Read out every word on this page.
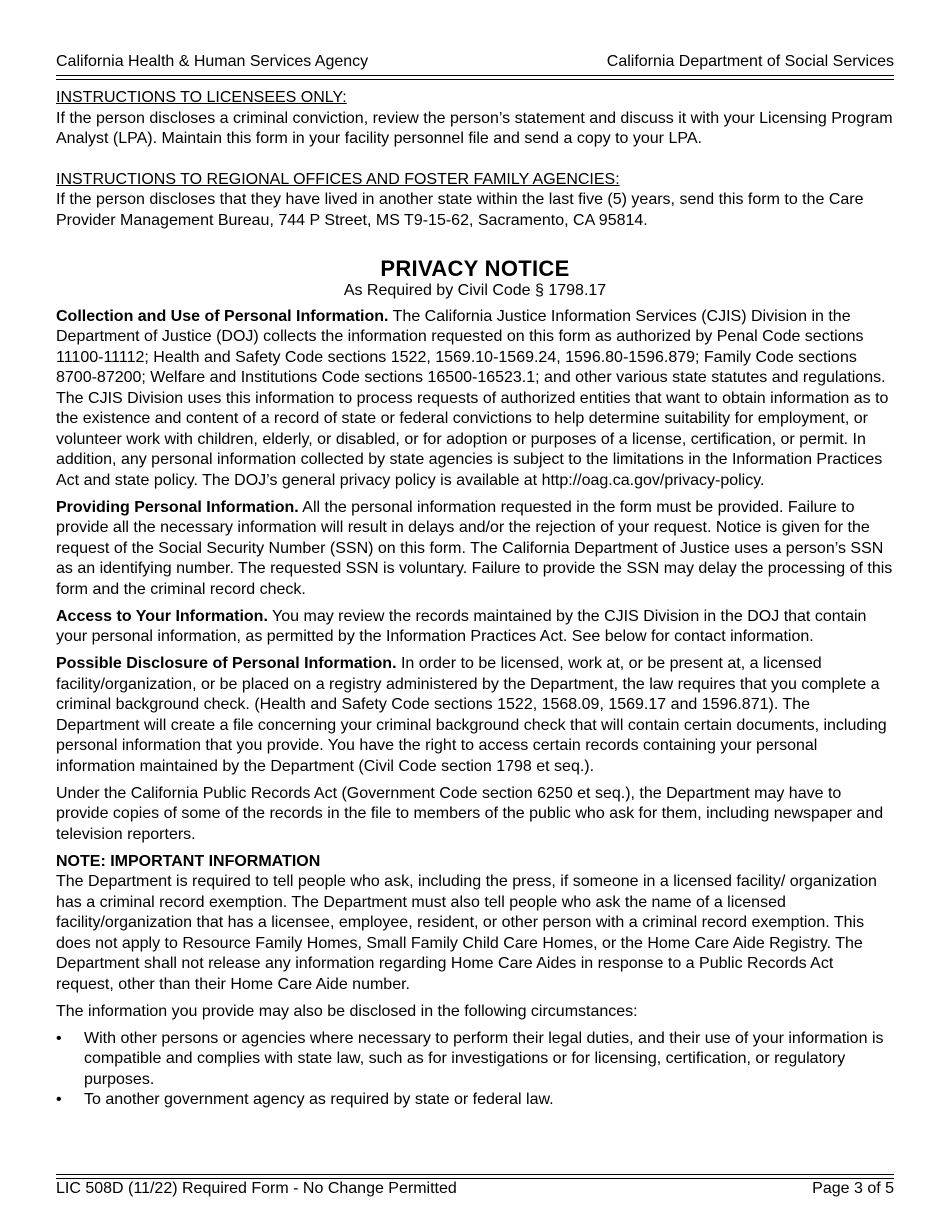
California Health & Human Services Agency	California Department of Social Services

INSTRUCTIONS TO LICENSEES ONLY:

If the person discloses a criminal conviction, review the person’s statement and discuss it with your Licensing Program Analyst (LPA). Maintain this form in your facility personnel file and send a copy to your LPA.

INSTRUCTIONS TO REGIONAL OFFICES AND FOSTER FAMILY AGENCIES:

If the person discloses that they have lived in another state within the last five (5) years, send this form to the Care Provider Management Bureau, 744 P Street, MS T9-15-62, Sacramento, CA 95814.

PRIVACY NOTICE
As Required by Civil Code § 1798.17

Collection and Use of Personal Information. The California Justice Information Services (CJIS) Division in the Department of Justice (DOJ) collects the information requested on this form as authorized by Penal Code sections 11100-11112; Health and Safety Code sections 1522, 1569.10-1569.24, 1596.80-1596.879; Family Code sections 8700-87200; Welfare and Institutions Code sections 16500-16523.1; and other various state statutes and regulations. The CJIS Division uses this information to process requests of authorized entities that want to obtain information as to the existence and content of a record of state or federal convictions to help determine suitability for employment, or volunteer work with children, elderly, or disabled, or for adoption or purposes of a license, certification, or permit. In addition, any personal information collected by state agencies is subject to the limitations in the Information Practices Act and state policy. The DOJ’s general privacy policy is available at http://oag.ca.gov/privacy-policy.

Providing Personal Information. All the personal information requested in the form must be provided. Failure to provide all the necessary information will result in delays and/or the rejection of your request. Notice is given for the request of the Social Security Number (SSN) on this form. The California Department of Justice uses a person’s SSN as an identifying number. The requested SSN is voluntary. Failure to provide the SSN may delay the processing of this form and the criminal record check.

Access to Your Information. You may review the records maintained by the CJIS Division in the DOJ that contain your personal information, as permitted by the Information Practices Act. See below for contact information.

Possible Disclosure of Personal Information. In order to be licensed, work at, or be present at, a licensed facility/organization, or be placed on a registry administered by the Department, the law requires that you complete a criminal background check. (Health and Safety Code sections 1522, 1568.09, 1569.17 and 1596.871). The Department will create a file concerning your criminal background check that will contain certain documents, including personal information that you provide. You have the right to access certain records containing your personal information maintained by the Department (Civil Code section 1798 et seq.).

Under the California Public Records Act (Government Code section 6250 et seq.), the Department may have to provide copies of some of the records in the file to members of the public who ask for them, including newspaper and television reporters.

NOTE: IMPORTANT INFORMATION

The Department is required to tell people who ask, including the press, if someone in a licensed facility/ organization has a criminal record exemption. The Department must also tell people who ask the name of a licensed facility/organization that has a licensee, employee, resident, or other person with a criminal record exemption. This does not apply to Resource Family Homes, Small Family Child Care Homes, or the Home Care Aide Registry. The Department shall not release any information regarding Home Care Aides in response to a Public Records Act request, other than their Home Care Aide number.

The information you provide may also be disclosed in the following circumstances:

• With other persons or agencies where necessary to perform their legal duties, and their use of your information is compatible and complies with state law, such as for investigations or for licensing, certification, or regulatory purposes.
• To another government agency as required by state or federal law.
LIC 508D (11/22) Required Form - No Change Permitted	Page 3 of 5
